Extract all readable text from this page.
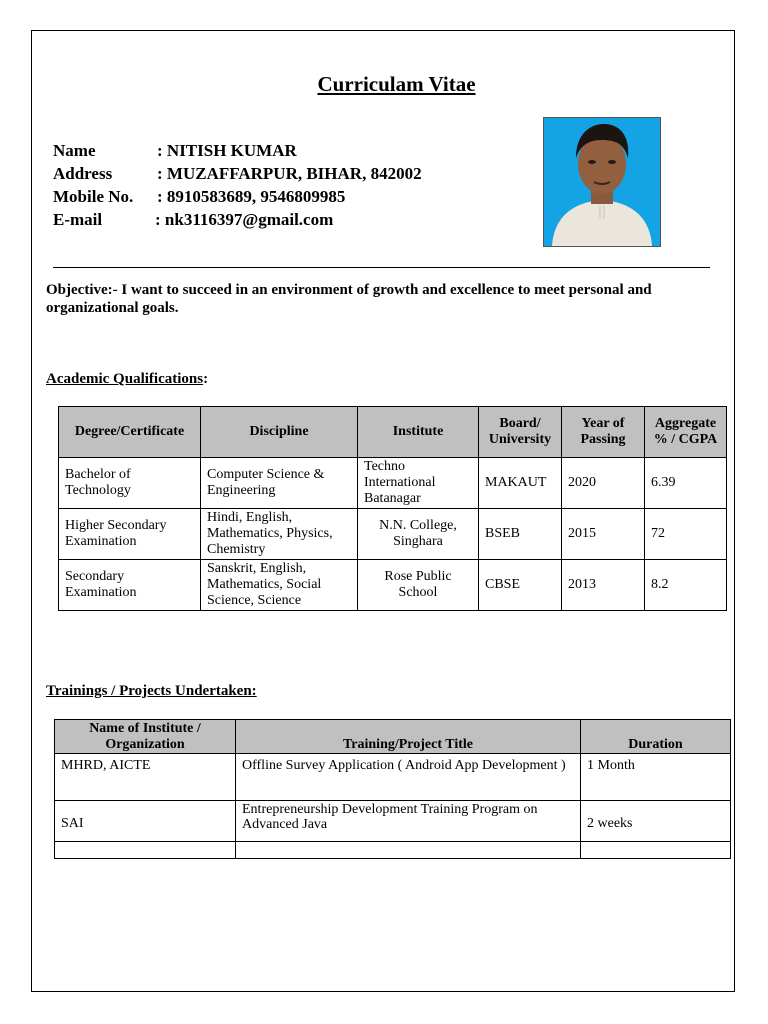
Curriculam Vitae
Name	: NITISH KUMAR
Address	: MUZAFFARPUR, BIHAR, 842002
Mobile No. : 8910583689, 9546809985
E-mail	: nk3116397@gmail.com
Objective:- I want to succeed in an environment of growth and excellence to meet personal and organizational goals.
Academic Qualifications:
Degree/Certificate	Discipline	Institute	Board/ University	Year of Passing	Aggregate % / CGPA
Bachelor of Technology	Computer Science & Engineering	Techno International Batanagar	MAKAUT	2020	6.39
Higher Secondary Examination	Hindi, English, Mathematics, Physics, Chemistry	N.N. College, Singhara	BSEB	2015	72
Secondary Examination	Sanskrit, English, Mathematics, Social Science, Science	Rose Public School	CBSE	2013	8.2
Trainings / Projects Undertaken:
Name of Institute / Organization	Training/Project Title	Duration
MHRD, AICTE	Offline Survey Application ( Android App Development )	1 Month
SAI	Entrepreneurship Development Training Program on Advanced Java	2 weeks
